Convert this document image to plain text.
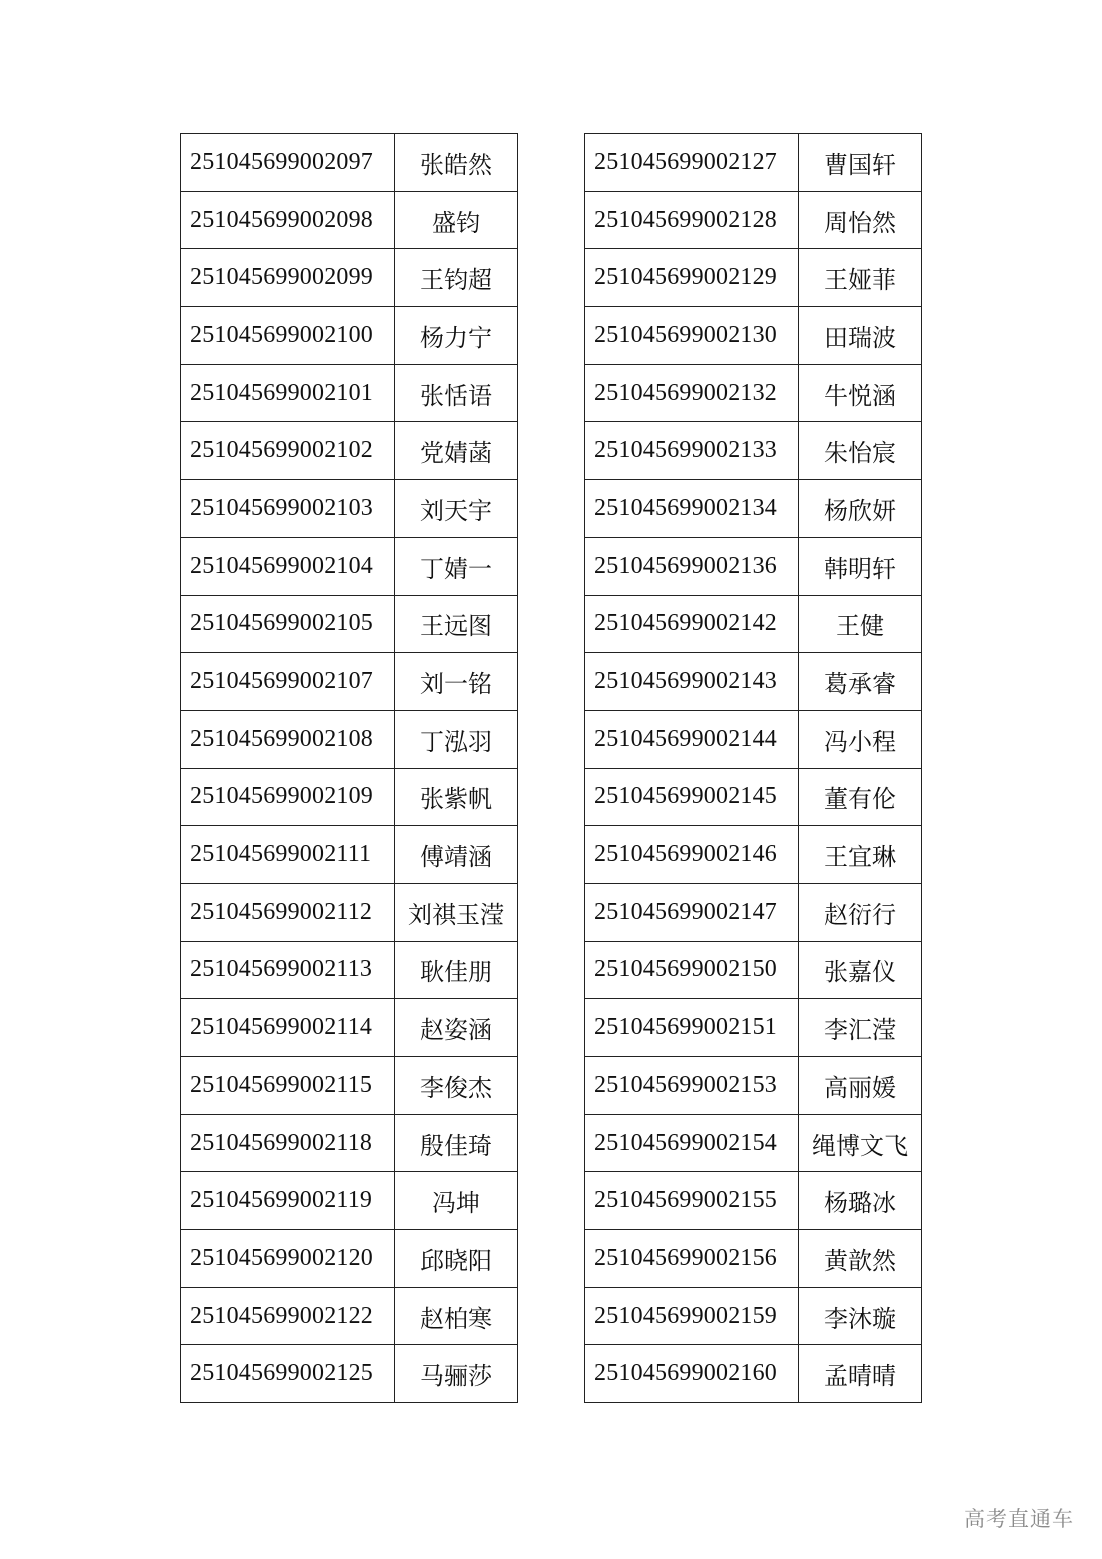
251045699002097	张皓然
251045699002098	盛钧
251045699002099	王钧超
251045699002100	杨力宁
251045699002101	张恬语
251045699002102	党婧菡
251045699002103	刘天宇
251045699002104	丁婧一
251045699002105	王远图
251045699002107	刘一铭
251045699002108	丁泓羽
251045699002109	张紫帆
251045699002111	傅靖涵
251045699002112	刘祺玉滢
251045699002113	耿佳朋
251045699002114	赵姿涵
251045699002115	李俊杰
251045699002118	殷佳琦
251045699002119	冯坤
251045699002120	邱晓阳
251045699002122	赵柏寒
251045699002125	马骊莎
251045699002127	曹国轩
251045699002128	周怡然
251045699002129	王娅菲
251045699002130	田瑞波
251045699002132	牛悦涵
251045699002133	朱怡宸
251045699002134	杨欣妍
251045699002136	韩明轩
251045699002142	王健
251045699002143	葛承睿
251045699002144	冯小程
251045699002145	董有伦
251045699002146	王宜琳
251045699002147	赵衍行
251045699002150	张嘉仪
251045699002151	李汇滢
251045699002153	高丽媛
251045699002154	绳博文飞
251045699002155	杨璐冰
251045699002156	黄歆然
251045699002159	李沐璇
251045699002160	孟晴晴
高考直通车
